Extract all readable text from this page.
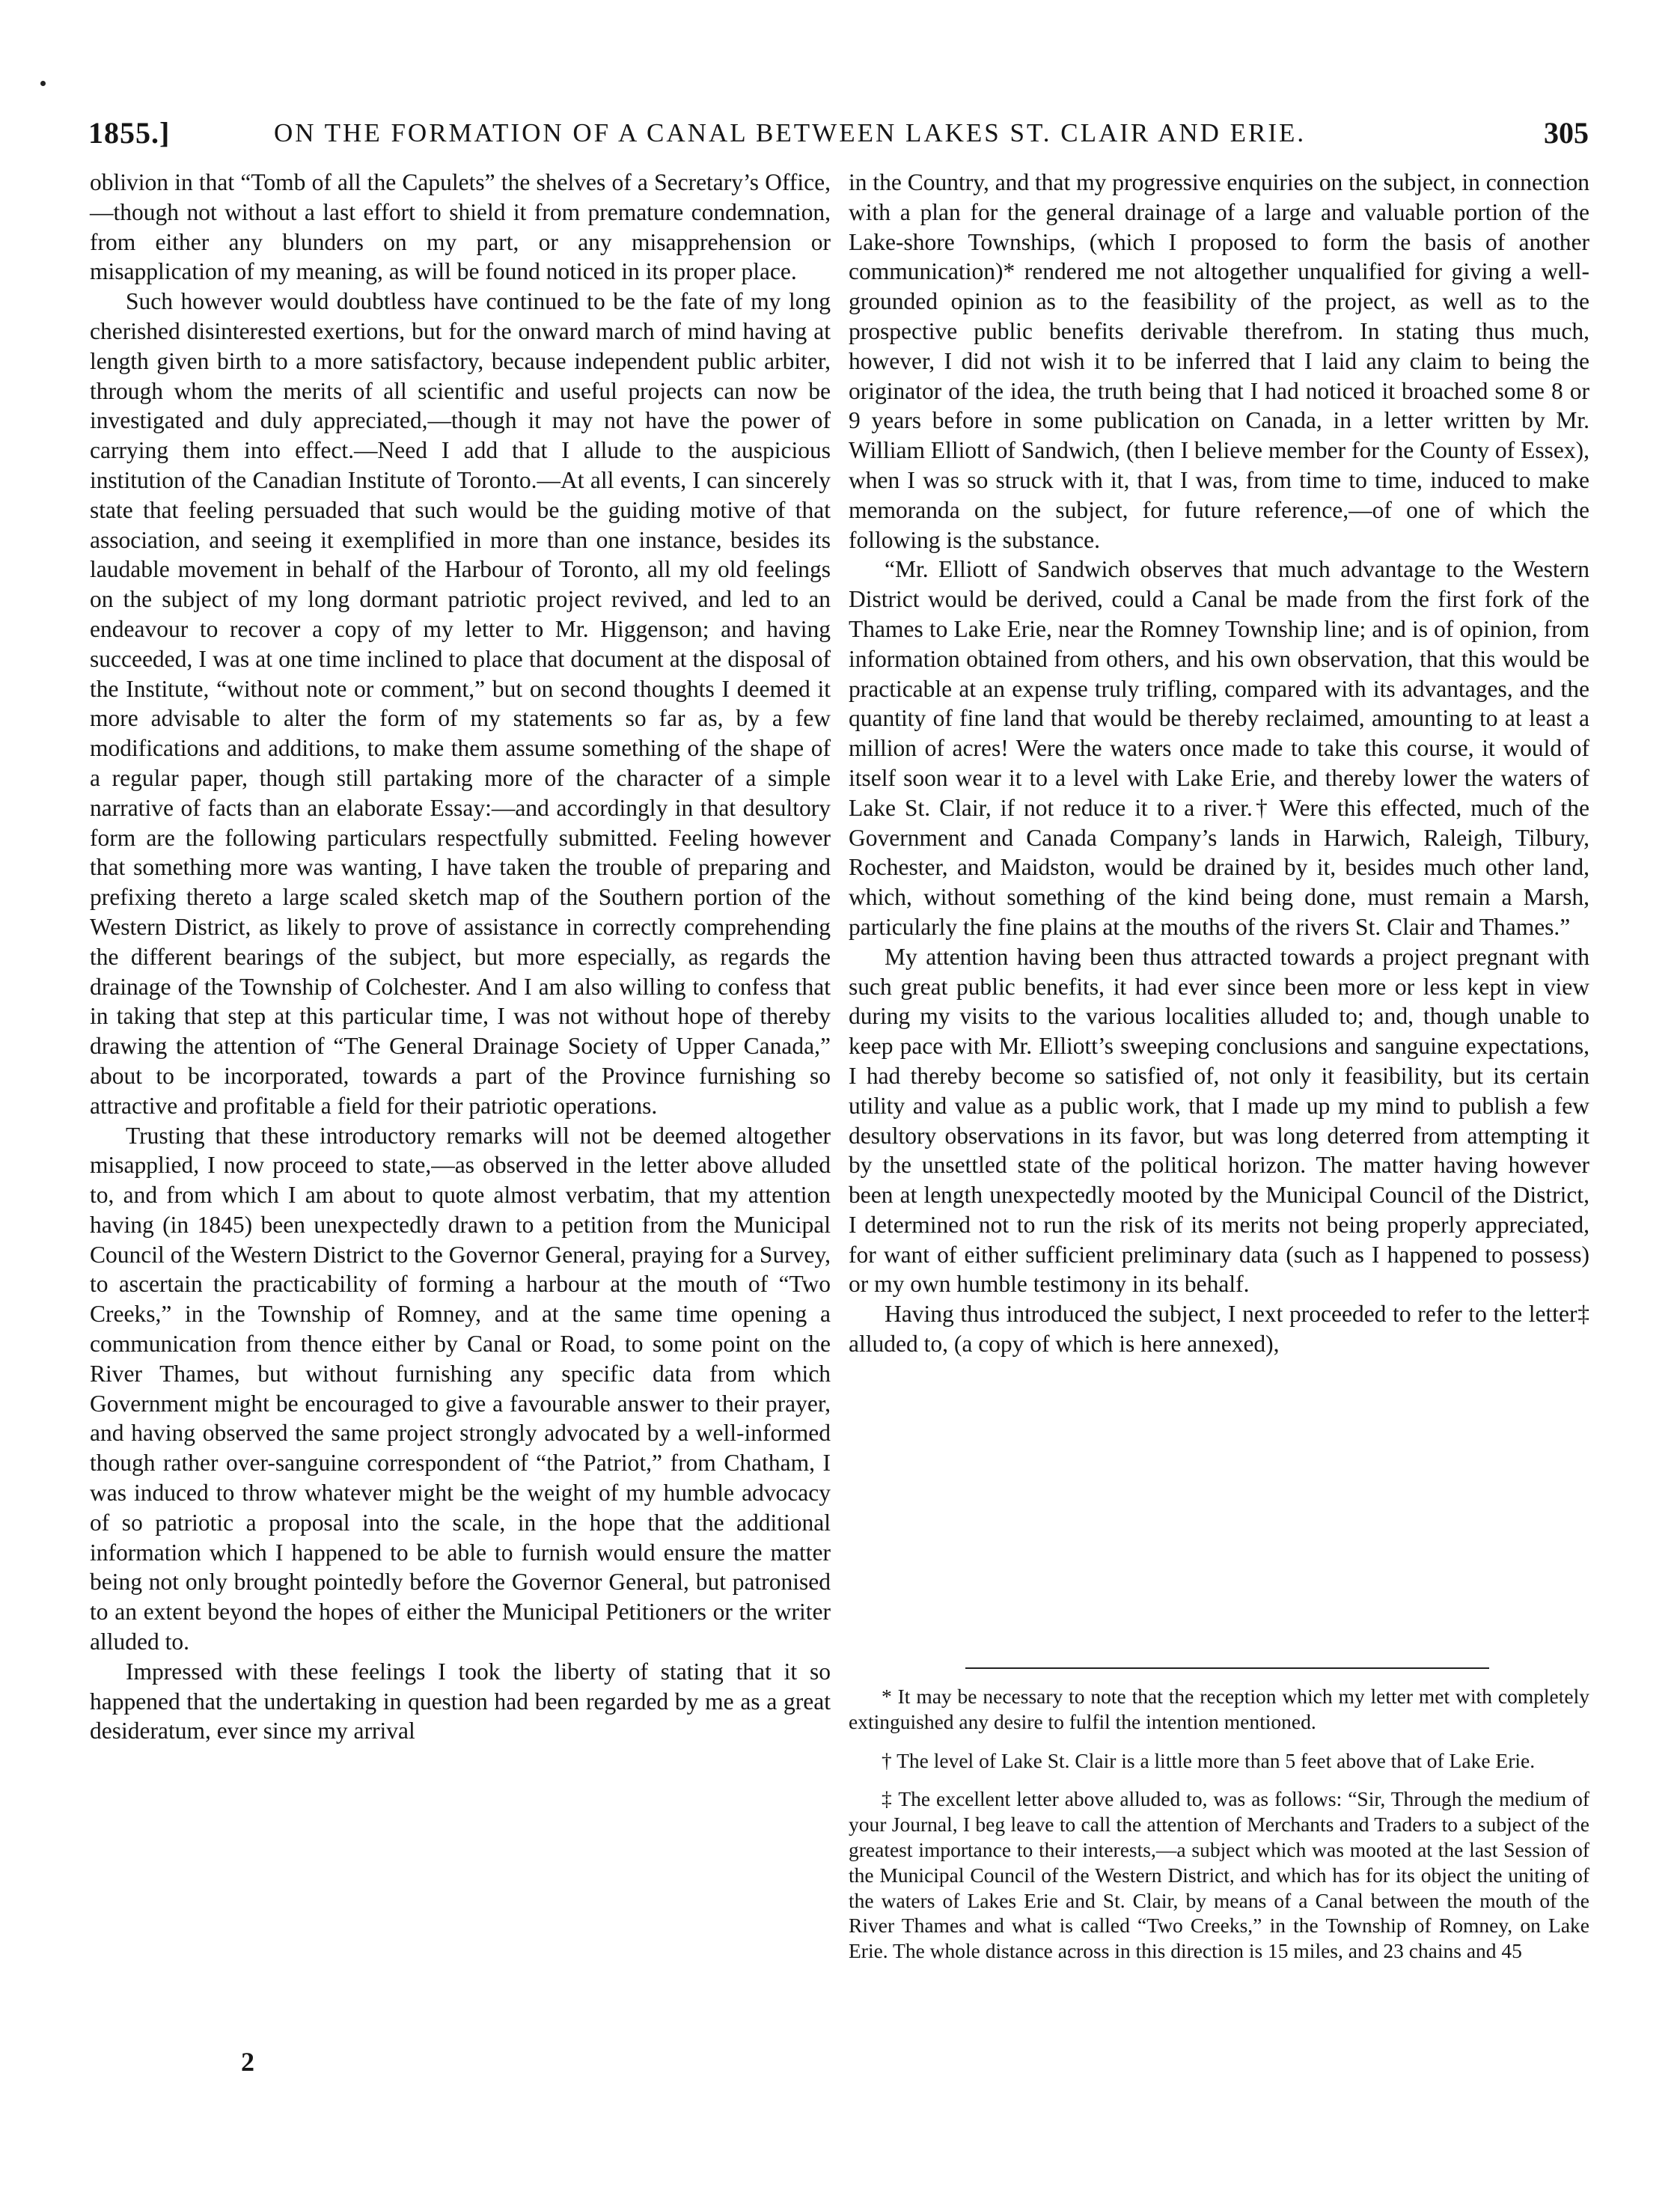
1855.]	ON THE FORMATION OF A CANAL BETWEEN LAKES ST. CLAIR AND ERIE.	305

oblivion in that “Tomb of all the Capulets” the shelves of a Secretary’s Office,—though not without a last effort to shield it from premature condemnation, from either any blunders on my part, or any misapprehension or misapplication of my meaning, as will be found noticed in its proper place.

Such however would doubtless have continued to be the fate of my long cherished disinterested exertions, but for the onward march of mind having at length given birth to a more satisfactory, because independent public arbiter, through whom the merits of all scientific and useful projects can now be investigated and duly appreciated,—though it may not have the power of carrying them into effect.—Need I add that I allude to the auspicious institution of the Canadian Institute of Toronto.—At all events, I can sincerely state that feeling persuaded that such would be the guiding motive of that association, and seeing it exemplified in more than one instance, besides its laudable movement in behalf of the Harbour of Toronto, all my old feelings on the subject of my long dormant patriotic project revived, and led to an endeavour to recover a copy of my letter to Mr. Higgenson; and having succeeded, I was at one time inclined to place that document at the disposal of the Institute, “without note or comment,” but on second thoughts I deemed it more advisable to alter the form of my statements so far as, by a few modifications and additions, to make them assume something of the shape of a regular paper, though still partaking more of the character of a simple narrative of facts than an elaborate Essay:—and accordingly in that desultory form are the following particulars respectfully submitted. Feeling however that something more was wanting, I have taken the trouble of preparing and prefixing thereto a large scaled sketch map of the Southern portion of the Western District, as likely to prove of assistance in correctly comprehending the different bearings of the subject, but more especially, as regards the drainage of the Township of Colchester. And I am also willing to confess that in taking that step at this particular time, I was not without hope of thereby drawing the attention of “The General Drainage Society of Upper Canada,” about to be incorporated, towards a part of the Province furnishing so attractive and profitable a field for their patriotic operations.

Trusting that these introductory remarks will not be deemed altogether misapplied, I now proceed to state,—as observed in the letter above alluded to, and from which I am about to quote almost verbatim, that my attention having (in 1845) been unexpectedly drawn to a petition from the Municipal Council of the Western District to the Governor General, praying for a Survey, to ascertain the practicability of forming a harbour at the mouth of “Two Creeks,” in the Township of Romney, and at the same time opening a communication from thence either by Canal or Road, to some point on the River Thames, but without furnishing any specific data from which Government might be encouraged to give a favourable answer to their prayer, and having observed the same project strongly advocated by a well-informed though rather over-sanguine correspondent of “the Patriot,” from Chatham, I was induced to throw whatever might be the weight of my humble advocacy of so patriotic a proposal into the scale, in the hope that the additional information which I happened to be able to furnish would ensure the matter being not only brought pointedly before the Governor General, but patronised to an extent beyond the hopes of either the Municipal Petitioners or the writer alluded to.

Impressed with these feelings I took the liberty of stating that it so happened that the undertaking in question had been regarded by me as a great desideratum, ever since my arrival

2

in the Country, and that my progressive enquiries on the subject, in connection with a plan for the general drainage of a large and valuable portion of the Lake-shore Townships, (which I proposed to form the basis of another communication)* rendered me not altogether unqualified for giving a well-grounded opinion as to the feasibility of the project, as well as to the prospective public benefits derivable therefrom. In stating thus much, however, I did not wish it to be inferred that I laid any claim to being the originator of the idea, the truth being that I had noticed it broached some 8 or 9 years before in some publication on Canada, in a letter written by Mr. William Elliott of Sandwich, (then I believe member for the County of Essex), when I was so struck with it, that I was, from time to time, induced to make memoranda on the subject, for future reference,—of one of which the following is the substance.

“Mr. Elliott of Sandwich observes that much advantage to the Western District would be derived, could a Canal be made from the first fork of the Thames to Lake Erie, near the Romney Township line; and is of opinion, from information obtained from others, and his own observation, that this would be practicable at an expense truly trifling, compared with its advantages, and the quantity of fine land that would be thereby reclaimed, amounting to at least a million of acres! Were the waters once made to take this course, it would of itself soon wear it to a level with Lake Erie, and thereby lower the waters of Lake St. Clair, if not reduce it to a river.† Were this effected, much of the Government and Canada Company’s lands in Harwich, Raleigh, Tilbury, Rochester, and Maidston, would be drained by it, besides much other land, which, without something of the kind being done, must remain a Marsh, particularly the fine plains at the mouths of the rivers St. Clair and Thames.”

My attention having been thus attracted towards a project pregnant with such great public benefits, it had ever since been more or less kept in view during my visits to the various localities alluded to; and, though unable to keep pace with Mr. Elliott’s sweeping conclusions and sanguine expectations, I had thereby become so satisfied of, not only it feasibility, but its certain utility and value as a public work, that I made up my mind to publish a few desultory observations in its favor, but was long deterred from attempting it by the unsettled state of the political horizon. The matter having however been at length unexpectedly mooted by the Municipal Council of the District, I determined not to run the risk of its merits not being properly appreciated, for want of either sufficient preliminary data (such as I happened to possess) or my own humble testimony in its behalf.

Having thus introduced the subject, I next proceeded to refer to the letter‡ alluded to, (a copy of which is here annexed),

* It may be necessary to note that the reception which my letter met with completely extinguished any desire to fulfil the intention mentioned.

† The level of Lake St. Clair is a little more than 5 feet above that of Lake Erie.

‡ The excellent letter above alluded to, was as follows: “Sir, Through the medium of your Journal, I beg leave to call the attention of Merchants and Traders to a subject of the greatest importance to their interests,—a subject which was mooted at the last Session of the Municipal Council of the Western District, and which has for its object the uniting of the waters of Lakes Erie and St. Clair, by means of a Canal between the mouth of the River Thames and what is called “Two Creeks,” in the Township of Romney, on Lake Erie. The whole distance across in this direction is 15 miles, and 23 chains and 45
